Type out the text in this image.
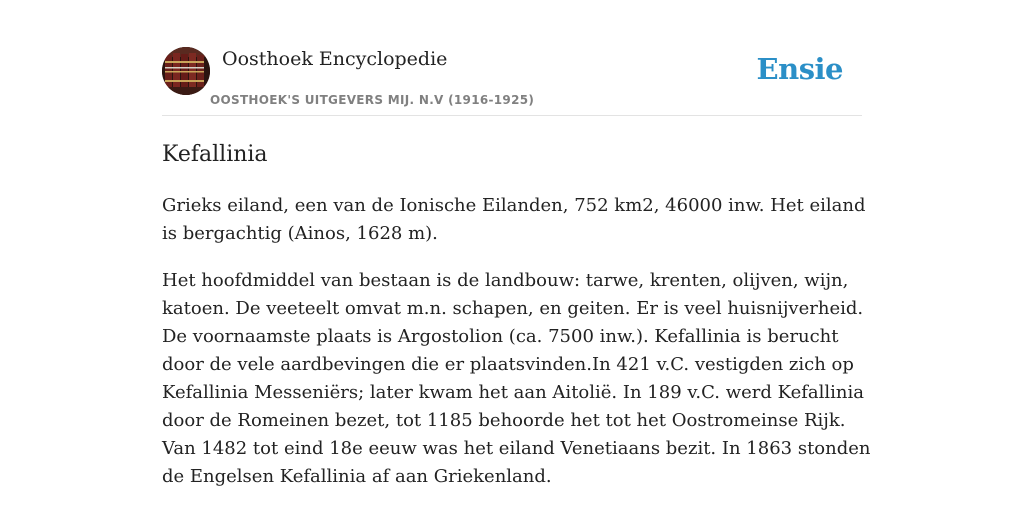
Oosthoek Encyclopedie
OOSTHOEK'S UITGEVERS MIJ. N.V (1916-1925)
Ensie
Kefallinia

Grieks eiland, een van de Ionische Eilanden, 752 km2, 46000 inw. Het eiland is bergachtig (Ainos, 1628 m).

Het hoofdmiddel van bestaan is de landbouw: tarwe, krenten, olijven, wijn, katoen. De veeteelt omvat m.n. schapen, en geiten. Er is veel huisnijverheid. De voornaamste plaats is Argostolion (ca. 7500 inw.). Kefallinia is berucht door de vele aardbevingen die er plaatsvinden.In 421 v.C. vestigden zich op Kefallinia Messeniërs; later kwam het aan Aitolië. In 189 v.C. werd Kefallinia door de Romeinen bezet, tot 1185 behoorde het tot het Oostromeinse Rijk. Van 1482 tot eind 18e eeuw was het eiland Venetiaans bezit. In 1863 stonden de Engelsen Kefallinia af aan Griekenland.
